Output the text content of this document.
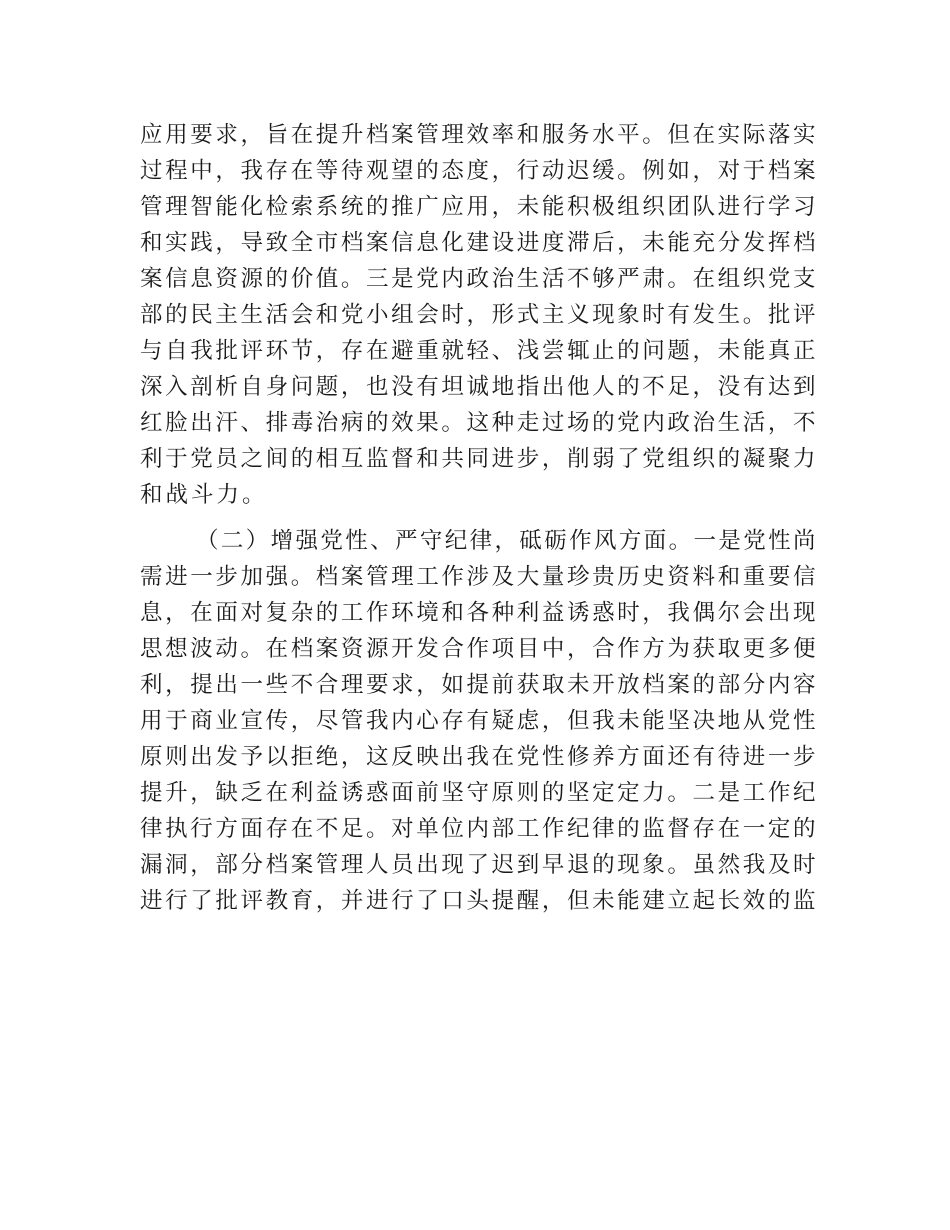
应用要求，旨在提升档案管理效率和服务水平。但在实际落实
过程中，我存在等待观望的态度，行动迟缓。例如，对于档案
管理智能化检索系统的推广应用，未能积极组织团队进行学习
和实践，导致全市档案信息化建设进度滞后，未能充分发挥档
案信息资源的价值。三是党内政治生活不够严肃。在组织党支
部的民主生活会和党小组会时，形式主义现象时有发生。批评
与自我批评环节，存在避重就轻、浅尝辄止的问题，未能真正
深入剖析自身问题，也没有坦诚地指出他人的不足，没有达到
红脸出汗、排毒治病的效果。这种走过场的党内政治生活，不
利于党员之间的相互监督和共同进步，削弱了党组织的凝聚力
和战斗力。
（二）增强党性、严守纪律，砥砺作风方面。一是党性尚
需进一步加强。档案管理工作涉及大量珍贵历史资料和重要信
息，在面对复杂的工作环境和各种利益诱惑时，我偶尔会出现
思想波动。在档案资源开发合作项目中，合作方为获取更多便
利，提出一些不合理要求，如提前获取未开放档案的部分内容
用于商业宣传，尽管我内心存有疑虑，但我未能坚决地从党性
原则出发予以拒绝，这反映出我在党性修养方面还有待进一步
提升，缺乏在利益诱惑面前坚守原则的坚定定力。二是工作纪
律执行方面存在不足。对单位内部工作纪律的监督存在一定的
漏洞，部分档案管理人员出现了迟到早退的现象。虽然我及时
进行了批评教育，并进行了口头提醒，但未能建立起长效的监
